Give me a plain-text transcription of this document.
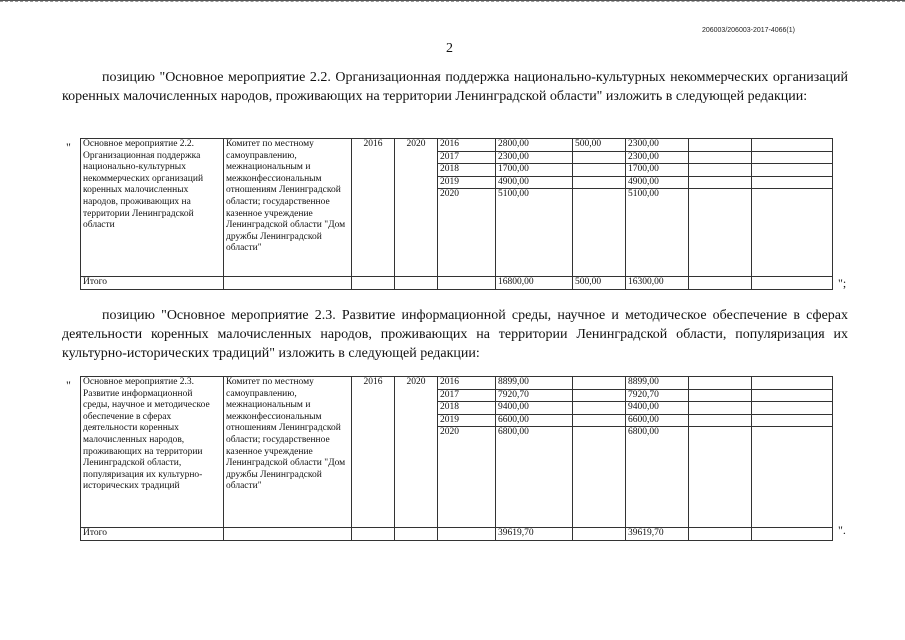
206003/206003-2017-4066(1)
2
позицию "Основное мероприятие 2.2. Организационная поддержка национально-культурных некоммерческих организаций коренных малочисленных народов, проживающих на территории Ленинградской области" изложить в следующей редакции:
" Основное мероприятие 2.2. Организационная поддержка национально-культурных некоммерческих организаций коренных малочисленных народов, проживающих на территории Ленинградской области	Комитет по местному самоуправлению, межнациональным и межконфессиональным отношениям Ленинградской области; государственное казенное учреждение Ленинградской области "Дом дружбы Ленинградской области"	2016	2020	2016	2800,00	500,00	2300,00		
				2017	2300,00		2300,00		
				2018	1700,00		1700,00		
				2019	4900,00		4900,00		
				2020	5100,00		5100,00		
Итого					16800,00	500,00	16300,00			";
позицию "Основное мероприятие 2.3. Развитие информационной среды, научное и методическое обеспечение в сферах деятельности коренных малочисленных народов, проживающих на территории Ленинградской области, популяризация их культурно-исторических традиций" изложить в следующей редакции:
" Основное мероприятие 2.3. Развитие информационной среды, научное и методическое обеспечение в сферах деятельности коренных малочисленных народов, проживающих на территории Ленинградской области, популяризация их культурно-исторических традиций	Комитет по местному самоуправлению, межнациональным и межконфессиональным отношениям Ленинградской области; государственное казенное учреждение Ленинградской области "Дом дружбы Ленинградской области"	2016	2020	2016	8899,00		8899,00		
				2017	7920,70		7920,70		
				2018	9400,00		9400,00		
				2019	6600,00		6600,00		
				2020	6800,00		6800,00		
Итого					39619,70		39619,70			".
